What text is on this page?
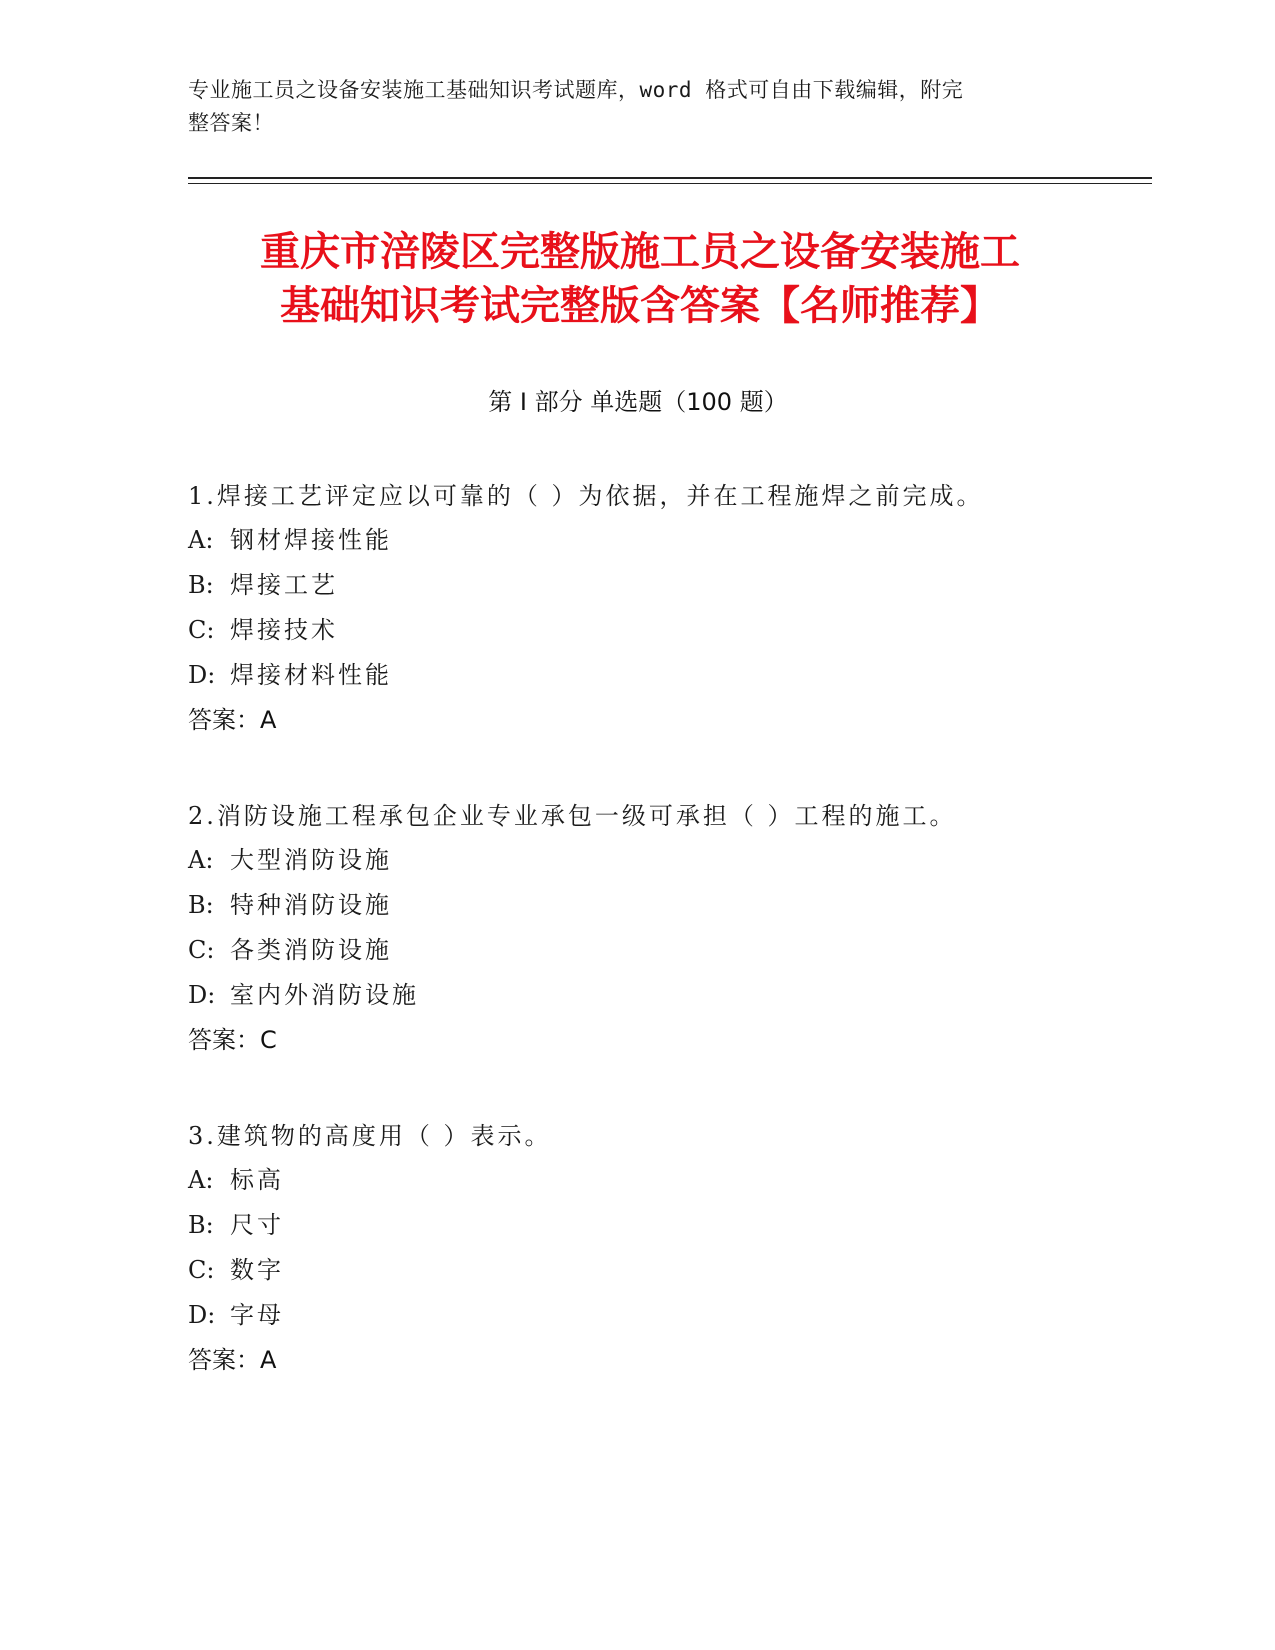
专业施工员之设备安装施工基础知识考试题库，word 格式可自由下载编辑，附完
整答案！
重庆市涪陵区完整版施工员之设备安装施工
基础知识考试完整版含答案【名师推荐】
第 I 部分 单选题（100 题）
1.焊接工艺评定应以可靠的（ ）为依据，并在工程施焊之前完成。
A: 钢材焊接性能
B: 焊接工艺
C: 焊接技术
D: 焊接材料性能
答案：A
2.消防设施工程承包企业专业承包一级可承担（ ）工程的施工。
A: 大型消防设施
B: 特种消防设施
C: 各类消防设施
D: 室内外消防设施
答案：C
3.建筑物的高度用（ ）表示。
A: 标高
B: 尺寸
C: 数字
D: 字母
答案：A
